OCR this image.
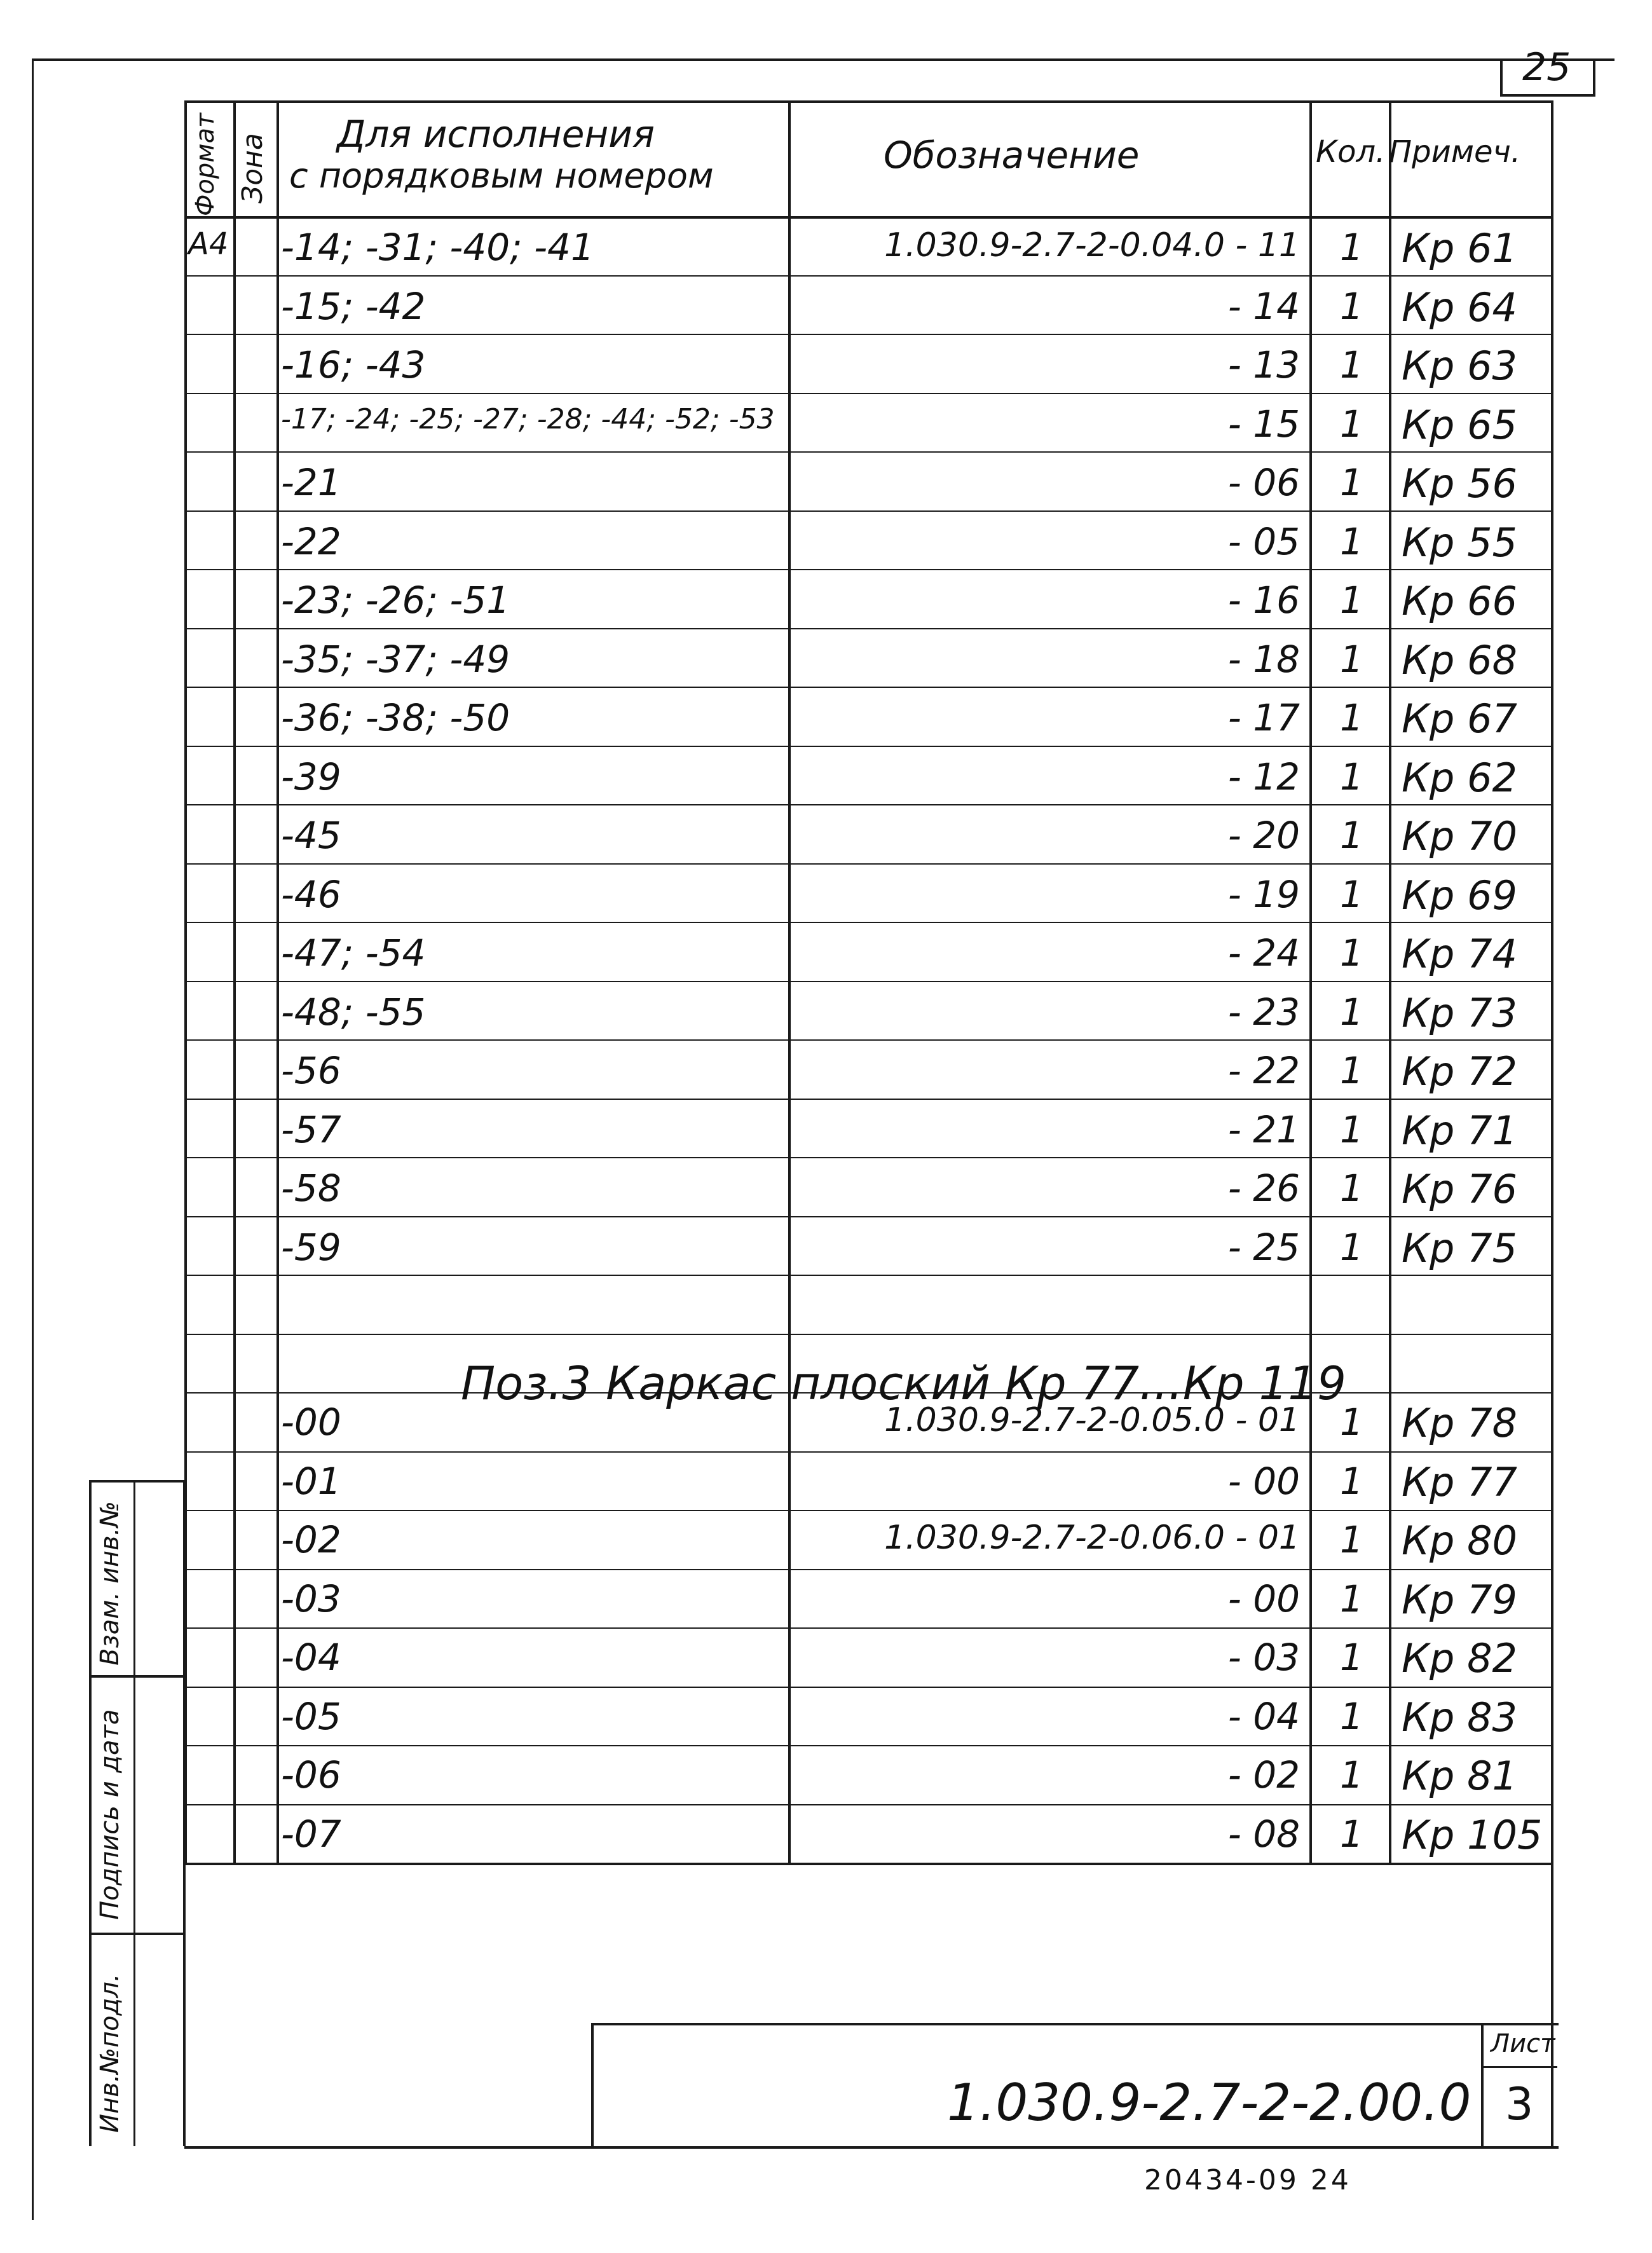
25
Формат Зона Для исполнения
с порядковым номером	Обозначение	Кол. Примеч.
A4 -14; -31; -40; -41	1.030.9-2.7-2-0.04.0 - 11 1 Кр 61
-15; -42	- 14 1 Кр 64
-16; -43	- 13 1 Кр 63
-17; -24; -25; -27; -28; -44; -52; -53	- 15 1 Кр 65
-21	- 06 1 Кр 56
-22	- 05 1 Кр 55
-23; -26; -51	- 16 1 Кр 66
-35; -37; -49	- 18 1 Кр 68
-36; -38; -50	- 17 1 Кр 67
-39	- 12 1 Кр 62
-45	- 20 1 Кр 70
-46	- 19 1 Кр 69
-47; -54	- 24 1 Кр 74
-48; -55	- 23 1 Кр 73
-56	- 22 1 Кр 72
-57	- 21 1 Кр 71
-58	- 26 1 Кр 76
-59	- 25 1 Кр 75
-00	1.030.9-2.7-2-0.05.0 - 01 1 Кр 78
-01	- 00 1 Кр 77
-02	1.030.9-2.7-2-0.06.0 - 01 1 Кр 80
-03	- 00 1 Кр 79
-04	- 03 1 Кр 82
-05	- 04 1 Кр 83
-06	- 02 1 Кр 81
-07	- 08 1 Кр 105
Поз.3 Каркас плоский Кр 77...Кр 119
Взам. инв.№
Подпись и дата
Инв.№подл.	Лист
3
1.030.9-2.7-2-2.00.0
20434-09 24
